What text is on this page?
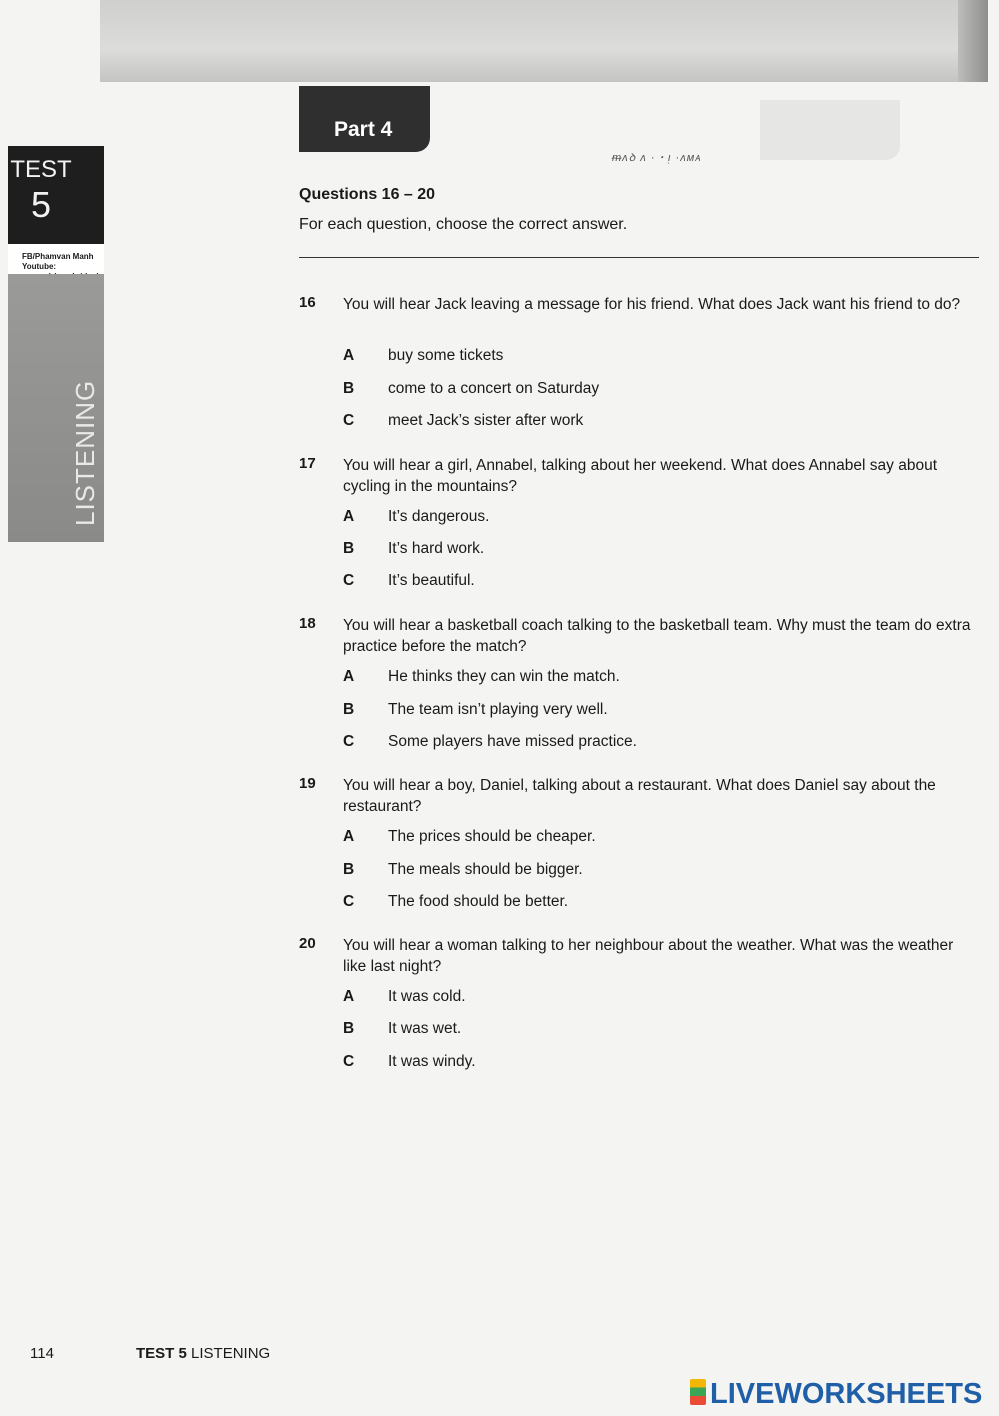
Part 4
ᵯʌꝺ ʌ · ꞏ ᴉ ·ʌᴍᴀ
TEST
5
FB/Phamvan Manh
Youtube:
LISTENING
Questions 16 – 20
For each question, choose the correct answer.
16 You will hear Jack leaving a message for his friend. What does Jack want his friend to do?
A buy some tickets
B come to a concert on Saturday
C meet Jack’s sister after work
17 You will hear a girl, Annabel, talking about her weekend. What does Annabel say about cycling in the mountains?
A It’s dangerous.
B It’s hard work.
C It’s beautiful.
18 You will hear a basketball coach talking to the basketball team. Why must the team do extra practice before the match?
A He thinks they can win the match.
B The team isn’t playing very well.
C Some players have missed practice.
19 You will hear a boy, Daniel, talking about a restaurant. What does Daniel say about the restaurant?
A The prices should be cheaper.
B The meals should be bigger.
C The food should be better.
20 You will hear a woman talking to her neighbour about the weather. What was the weather like last night?
A It was cold.
B It was wet.
C It was windy.
114	TEST 5 LISTENING
LIVEWORKSHEETS
